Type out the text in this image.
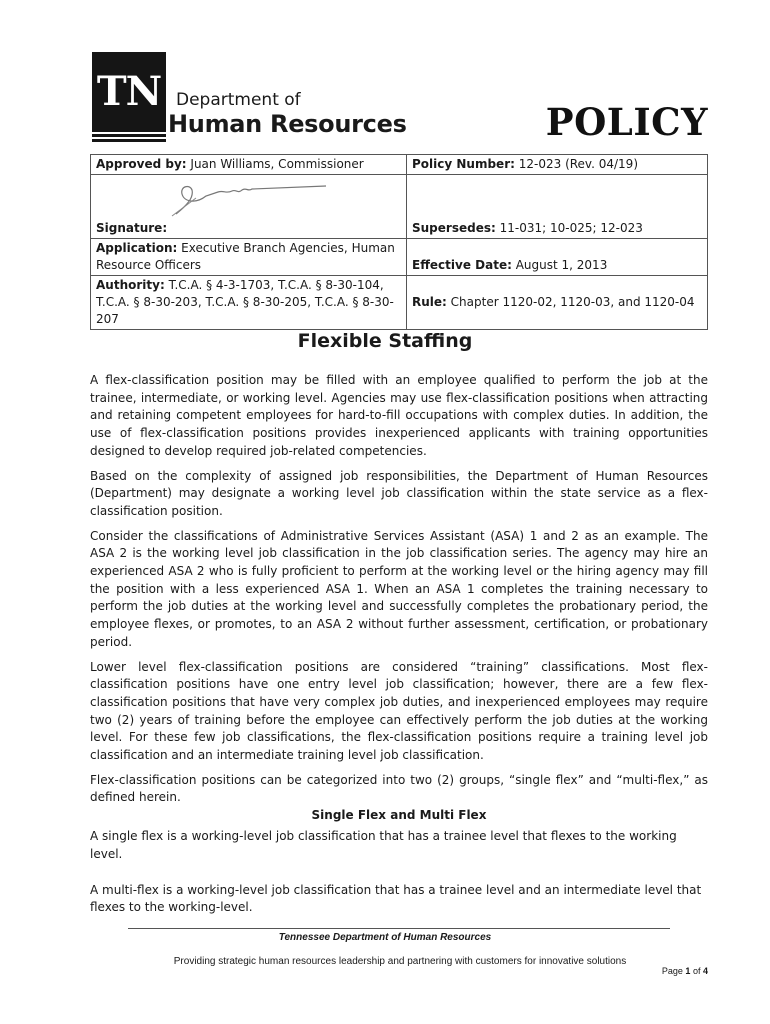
TN Department of
Human Resources	POLICY
Approved by: Juan Williams, Commissioner	Policy Number: 12-023 (Rev. 04/19)

Signature:	Supersedes: 11-031; 10-025; 12-023
Application: Executive Branch Agencies, Human Resource Officers	Effective Date: August 1, 2013
Authority: T.C.A. § 4-3-1703, T.C.A. § 8-30-104, T.C.A. § 8-30-203, T.C.A. § 8-30-205, T.C.A. § 8-30-207	Rule: Chapter 1120-02, 1120-03, and 1120-04
Flexible Staffing

A flex-classification position may be filled with an employee qualified to perform the job at the trainee, intermediate, or working level. Agencies may use flex-classification positions when attracting and retaining competent employees for hard-to-fill occupations with complex duties. In addition, the use of flex-classification positions provides inexperienced applicants with training opportunities designed to develop required job-related competencies.

Based on the complexity of assigned job responsibilities, the Department of Human Resources (Department) may designate a working level job classification within the state service as a flex-classification position.

Consider the classifications of Administrative Services Assistant (ASA) 1 and 2 as an example. The ASA 2 is the working level job classification in the job classification series. The agency may hire an experienced ASA 2 who is fully proficient to perform at the working level or the hiring agency may fill the position with a less experienced ASA 1. When an ASA 1 completes the training necessary to perform the job duties at the working level and successfully completes the probationary period, the employee flexes, or promotes, to an ASA 2 without further assessment, certification, or probationary period.

Lower level flex-classification positions are considered “training” classifications. Most flex-classification positions have one entry level job classification; however, there are a few flex-classification positions that have very complex job duties, and inexperienced employees may require two (2) years of training before the employee can effectively perform the job duties at the working level. For these few job classifications, the flex-classification positions require a training level job classification and an intermediate training level job classification.

Flex-classification positions can be categorized into two (2) groups, “single flex” and “multi-flex,” as defined herein.

Single Flex and Multi Flex

A single flex is a working-level job classification that has a trainee level that flexes to the working level.

A multi-flex is a working-level job classification that has a trainee level and an intermediate level that flexes to the working-level.

Tennessee Department of Human Resources
Providing strategic human resources leadership and partnering with customers for innovative solutions
Page 1 of 4
